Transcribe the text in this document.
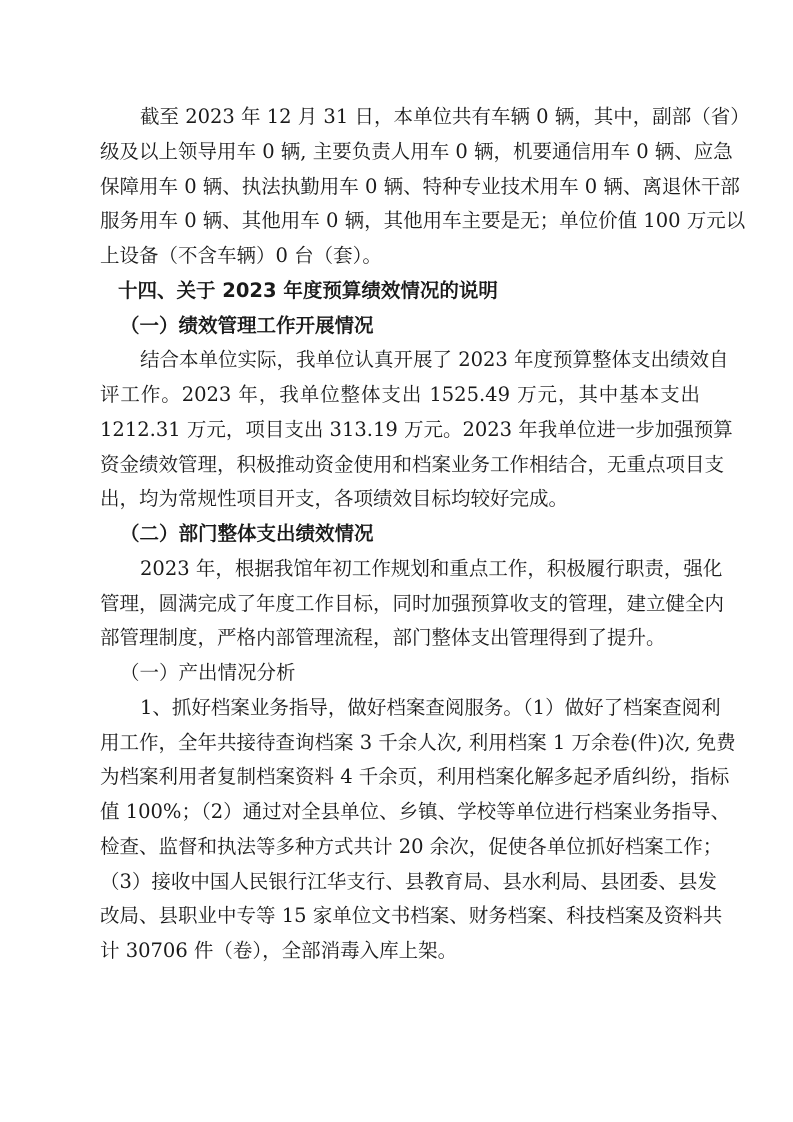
截至 2023 年 12 月 31 日，本单位共有车辆 0 辆，其中，副部（省）
级及以上领导用车 0 辆, 主要负责人用车 0 辆，机要通信用车 0 辆、应急
保障用车 0 辆、执法执勤用车 0 辆、特种专业技术用车 0 辆、离退休干部
服务用车 0 辆、其他用车 0 辆，其他用车主要是无；单位价值 100 万元以
上设备（不含车辆）0 台（套）。
十四、关于 2023 年度预算绩效情况的说明
（一）绩效管理工作开展情况
结合本单位实际，我单位认真开展了 2023 年度预算整体支出绩效自
评工作。2023 年，我单位整体支出 1525.49 万元，其中基本支出
1212.31 万元，项目支出 313.19 万元。2023 年我单位进一步加强预算
资金绩效管理，积极推动资金使用和档案业务工作相结合，无重点项目支
出，均为常规性项目开支，各项绩效目标均较好完成。
（二）部门整体支出绩效情况
2023 年，根据我馆年初工作规划和重点工作，积极履行职责，强化
管理，圆满完成了年度工作目标，同时加强预算收支的管理，建立健全内
部管理制度，严格内部管理流程，部门整体支出管理得到了提升。
（一）产出情况分析
1、抓好档案业务指导，做好档案查阅服务。（1）做好了档案查阅利
用工作，全年共接待查询档案 3 千余人次, 利用档案 1 万余卷(件)次, 免费
为档案利用者复制档案资料 4 千余页，利用档案化解多起矛盾纠纷，指标
值 100%；（2）通过对全县单位、乡镇、学校等单位进行档案业务指导、
检查、监督和执法等多种方式共计 20 余次，促使各单位抓好档案工作；
（3）接收中国人民银行江华支行、县教育局、县水利局、县团委、县发
改局、县职业中专等 15 家单位文书档案、财务档案、科技档案及资料共
计 30706 件（卷），全部消毒入库上架。
